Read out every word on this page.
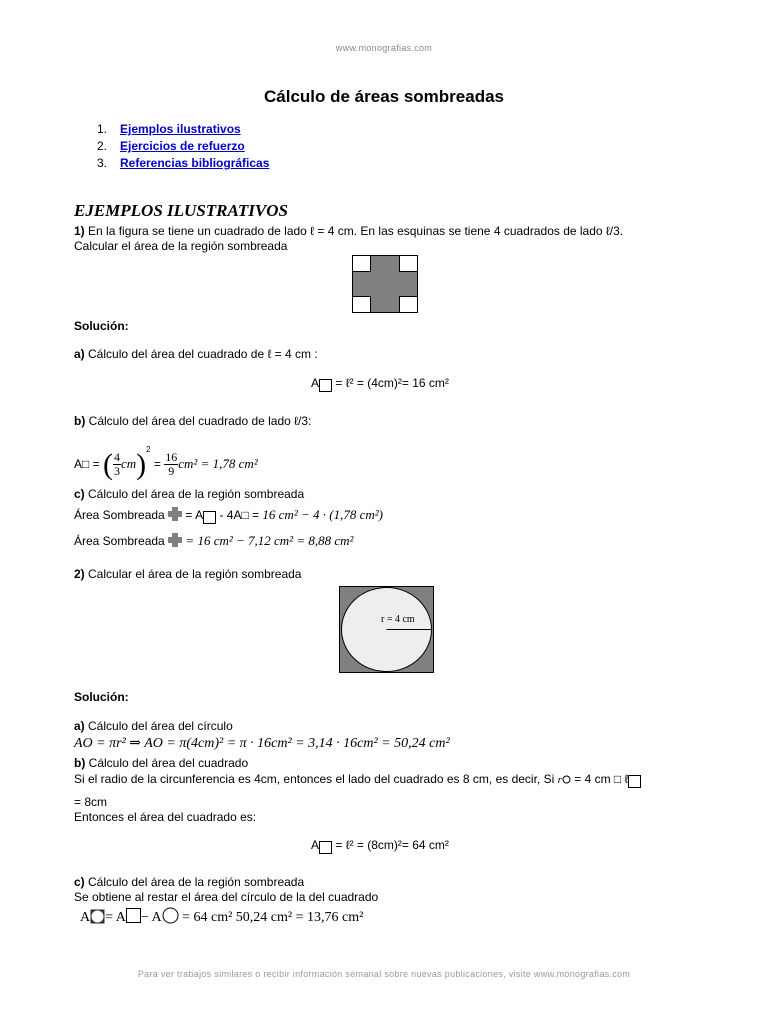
www.monografias.com
Cálculo de áreas sombreadas
1. Ejemplos ilustrativos
2. Ejercicios de refuerzo
3. Referencias bibliográficas
EJEMPLOS ILUSTRATIVOS
1) En la figura se tiene un cuadrado de lado ℓ = 4 cm. En las esquinas se tiene 4 cuadrados de lado ℓ/3.
Calcular el área de la región sombreada
Solución:
a) Cálculo del área del cuadrado de ℓ = 4 cm :
A = ℓ² = (4cm)²= 16 cm²
b) Cálculo del área del cuadrado de lado ℓ/3:
A□ = ( $\frac{4}{3} cm)^2 = \frac{16}{9} cm^2 = 1,78$ cm²
c) Cálculo del área de la región sombreada
Área Sombreada = A - 4A□ = 16 cm² − 4 · (1,78 cm²)
Área Sombreada = 16 cm² − 7,12 cm² = 8,88 cm²
2) Calcular el área de la región sombreada
r = 4 cm
Solución:
a) Cálculo del área del círculo
AO = πr² ⇒ AO = π(4cm)² = π · 16cm² = 3,14 · 16cm² = 50,24 cm²
b) Cálculo del área del cuadrado
Si el radio de la circunferencia es 4cm, entonces el lado del cuadrado es 8 cm, es decir, Si r = 4 cm □ ℓ
= 8cm
Entonces el área del cuadrado es:
A = ℓ² = (8cm)²= 64 cm²
c) Cálculo del área de la región sombreada
Se obtiene al restar el área del círculo de la del cuadrado
A = A − A = 64 cm² 50,24 cm² = 13,76 cm²
Para ver trabajos similares o recibir información semanal sobre nuevas publicaciones, visite www.monografias.com
